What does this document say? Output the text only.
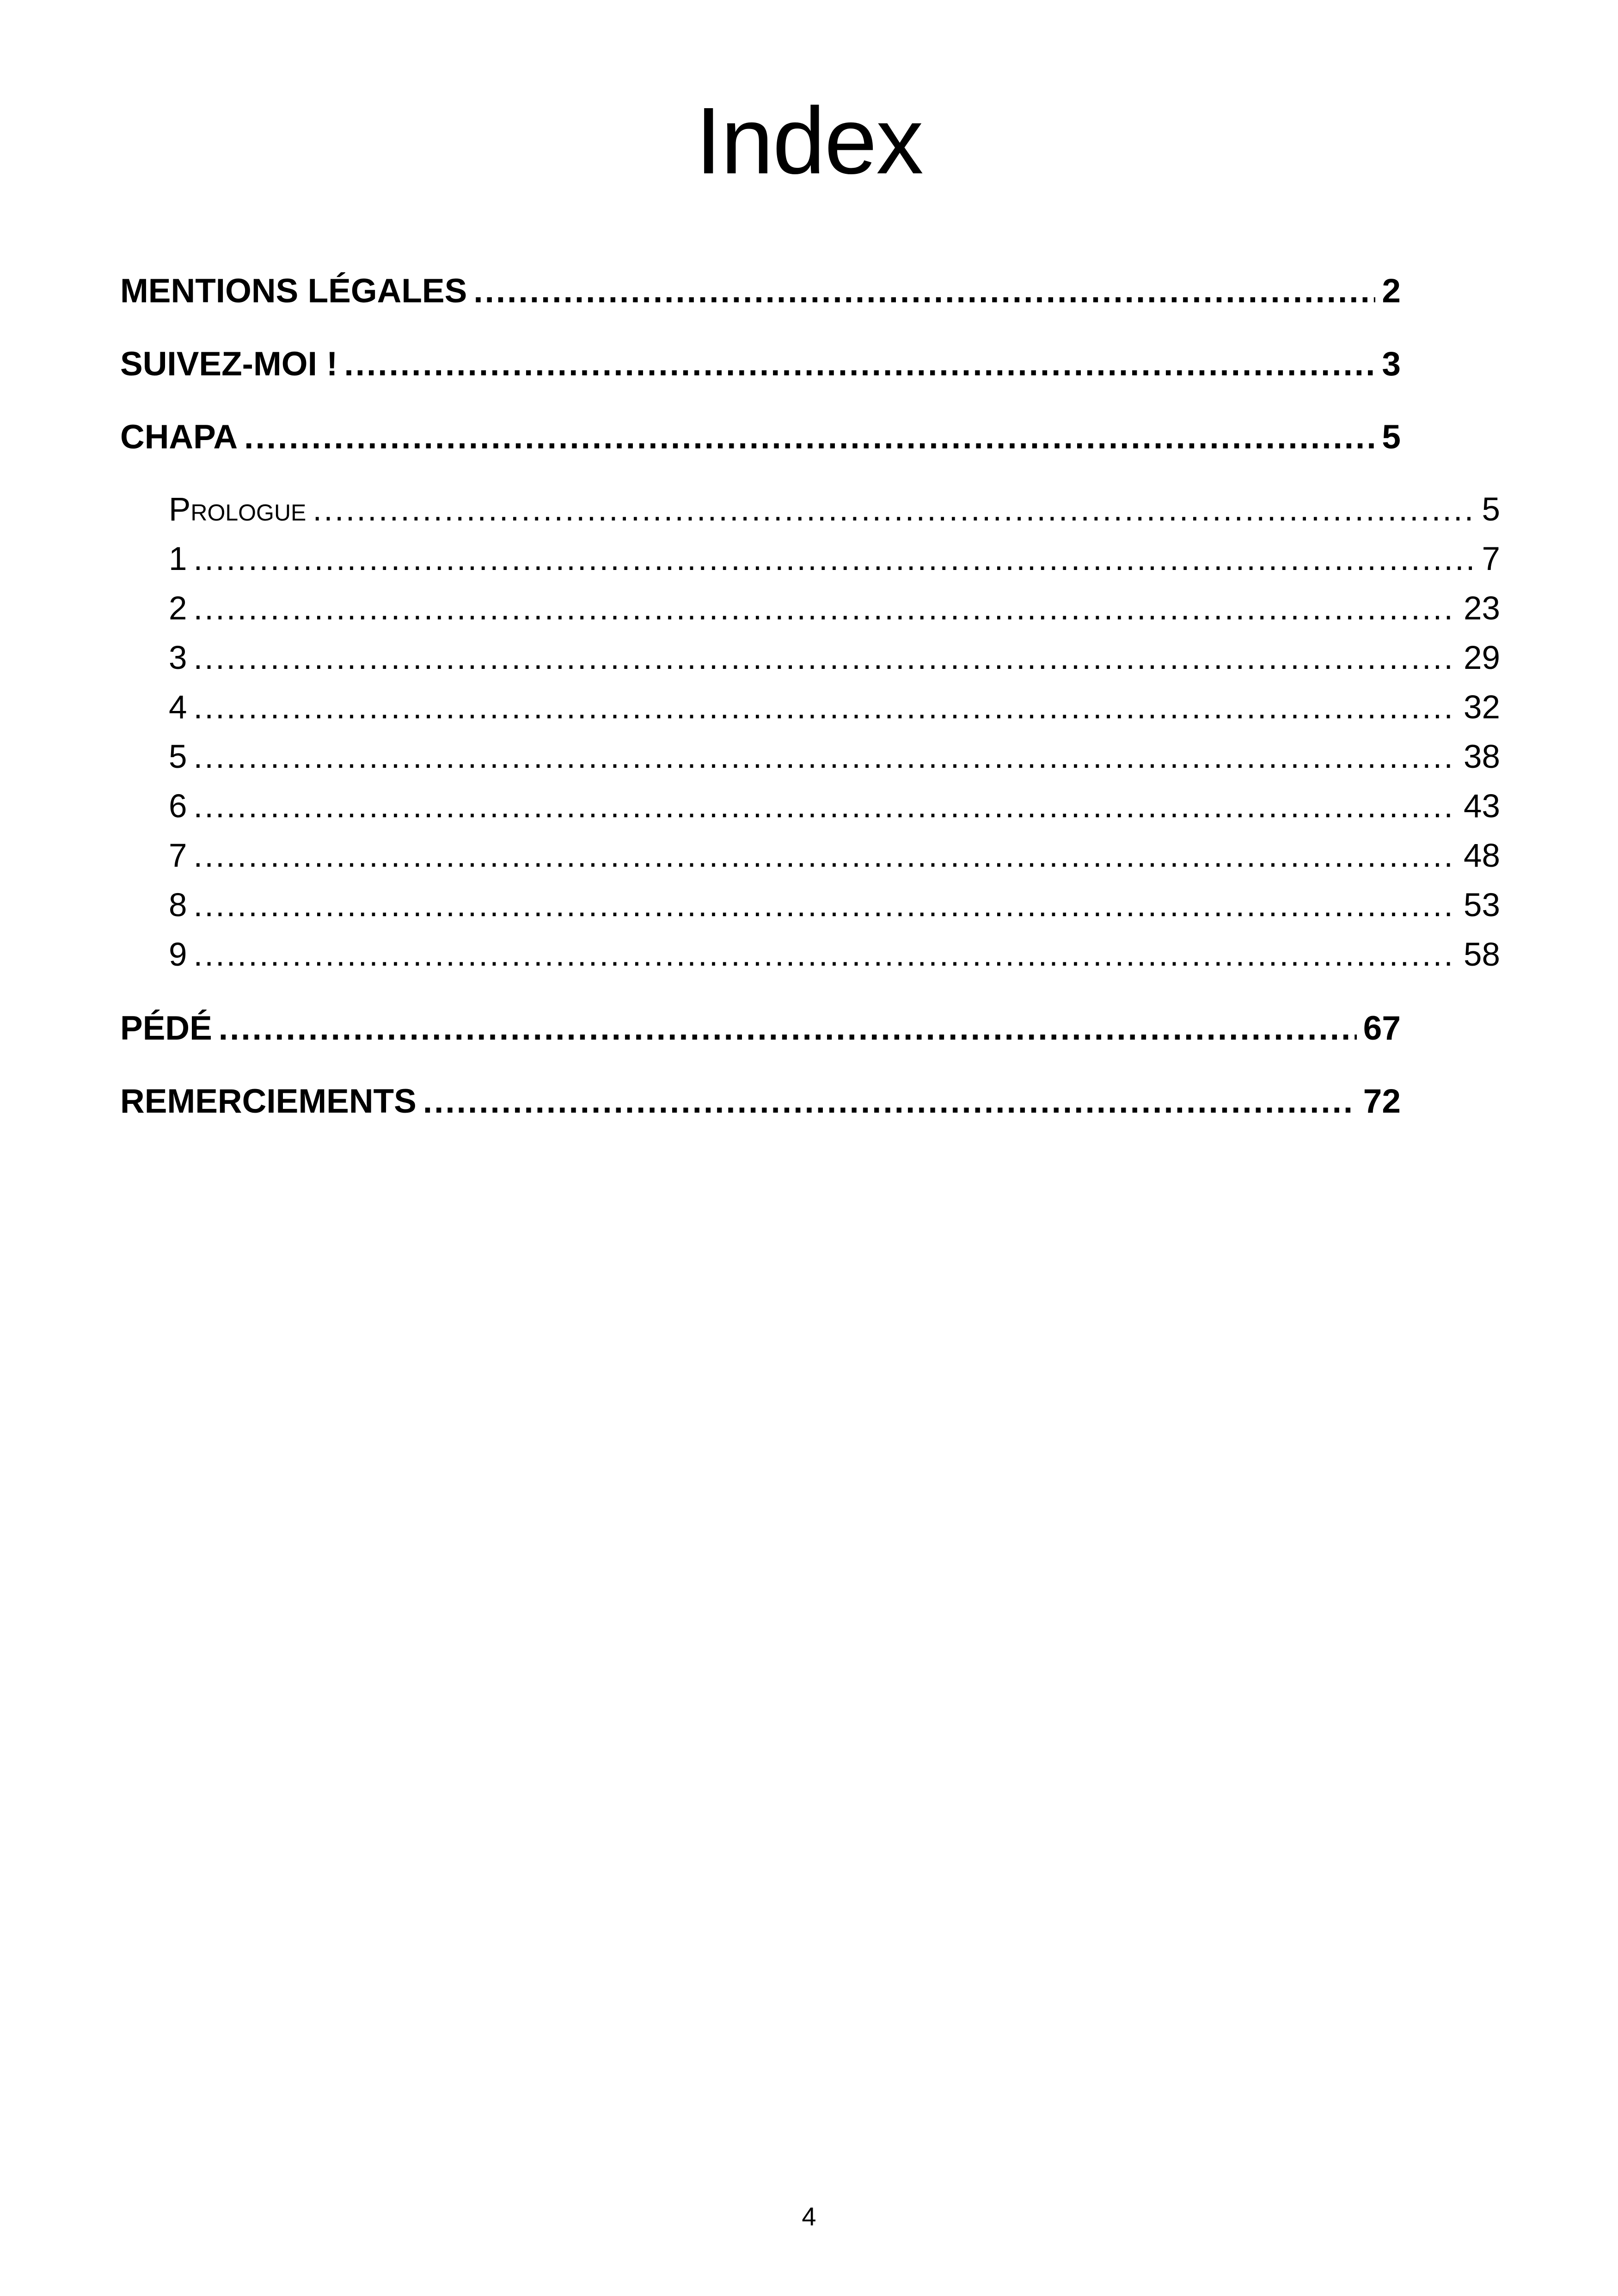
Index
MENTIONS LÉGALES .....	2
SUIVEZ-MOI ! .....	3
CHAPA .....	5
Prologue .....	5
1 .....	7
2 .....	23
3 .....	29
4 .....	32
5 .....	38
6 .....	43
7 .....	48
8 .....	53
9 .....	58
PÉDÉ .....	67
REMERCIEMENTS .....	72
4
